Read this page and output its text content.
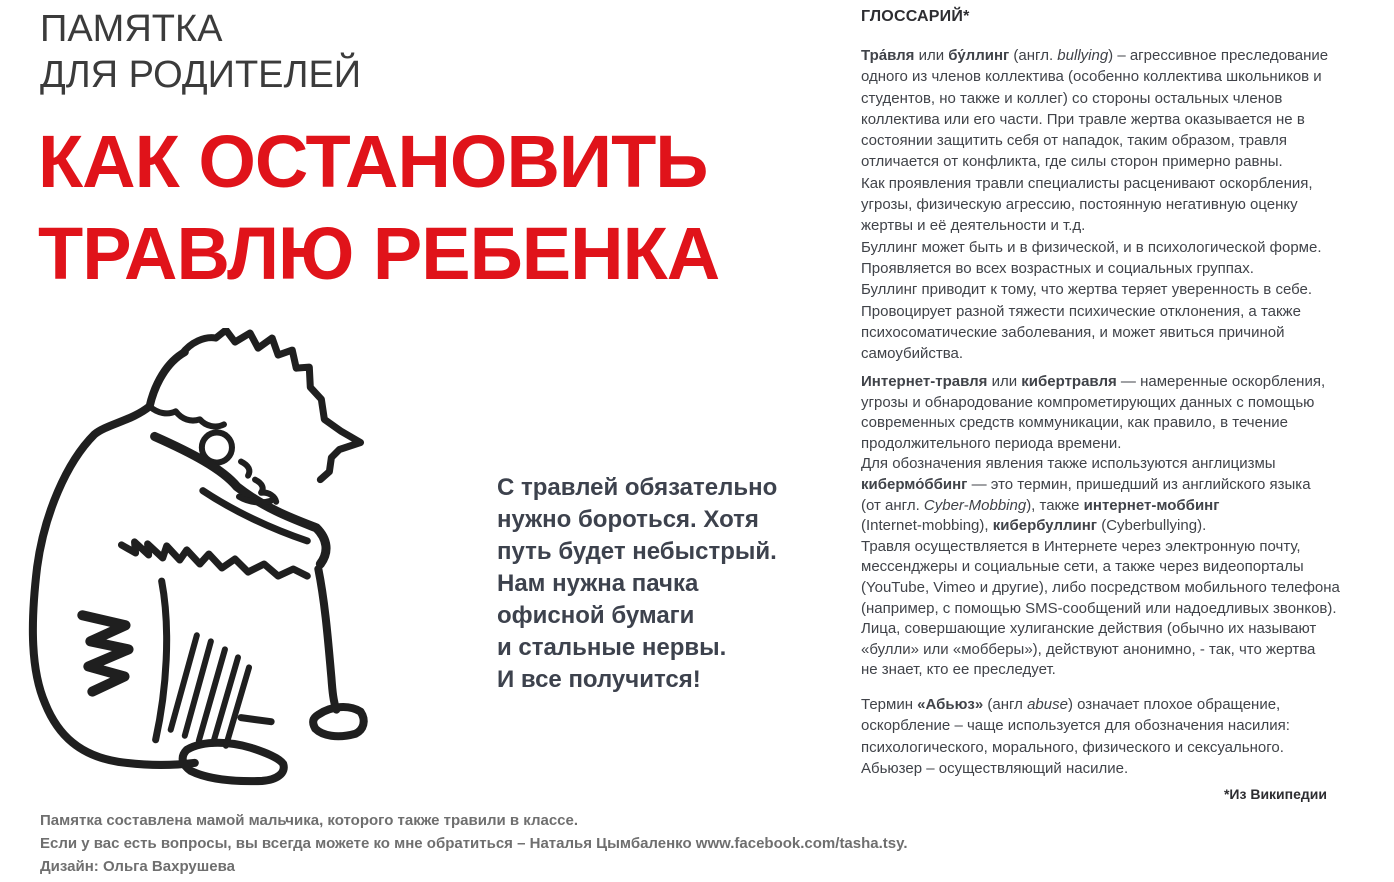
ПАМЯТКА
ДЛЯ РОДИТЕЛЕЙ
КАК ОСТАНОВИТЬ
ТРАВЛЮ РЕБЕНКА
С травлей обязательно
нужно бороться. Хотя
путь будет небыстрый.
Нам нужна пачка
офисной бумаги
и стальные нервы.
И все получится!
Памятка составлена мамой мальчика, которого также травили в классе.
Если у вас есть вопросы, вы всегда можете ко мне обратиться – Наталья Цымбаленко www.facebook.com/tasha.tsy.
Дизайн: Ольга Вахрушева
ГЛОССАРИЙ*
Тра́вля или бу́ллинг (англ. bullying) – агрессивное преследование
одного из членов коллектива (особенно коллектива школьников и
студентов, но также и коллег) со стороны остальных членов
коллектива или его части. При травле жертва оказывается не в
состоянии защитить себя от нападок, таким образом, травля
отличается от конфликта, где силы сторон примерно равны.
Как проявления травли специалисты расценивают оскорбления,
угрозы, физическую агрессию, постоянную негативную оценку
жертвы и её деятельности и т.д.
Буллинг может быть и в физической, и в психологической форме.
Проявляется во всех возрастных и социальных группах.
Буллинг приводит к тому, что жертва теряет уверенность в себе.
Провоцирует разной тяжести психические отклонения, а также
психосоматические заболевания, и может явиться причиной
самоубийства.
Интернет-травля или кибертравля — намеренные оскорбления,
угрозы и обнародование компрометирующих данных с помощью
современных средств коммуникации, как правило, в течение
продолжительного периода времени.
Для обозначения явления также используются англицизмы
кибермо́ббинг — это термин, пришедший из английского языка
(от англ. Cyber-Mobbing), также интернет-моббинг
(Internet-mobbing), кибербуллинг (Cyberbullying).
Травля осуществляется в Интернете через электронную почту,
мессенджеры и социальные сети, а также через видеопорталы
(YouTube, Vimeo и другие), либо посредством мобильного телефона
(например, с помощью SMS-сообщений или надоедливых звонков).
Лица, совершающие хулиганские действия (обычно их называют
«булли» или «мобберы»), действуют анонимно, - так, что жертва
не знает, кто ее преследует.
Термин «Абьюз» (англ abuse) означает плохое обращение,
оскорбление – чаще используется для обозначения насилия:
психологического, морального, физического и сексуального.
Абьюзер – осуществляющий насилие.
*Из Википедии
